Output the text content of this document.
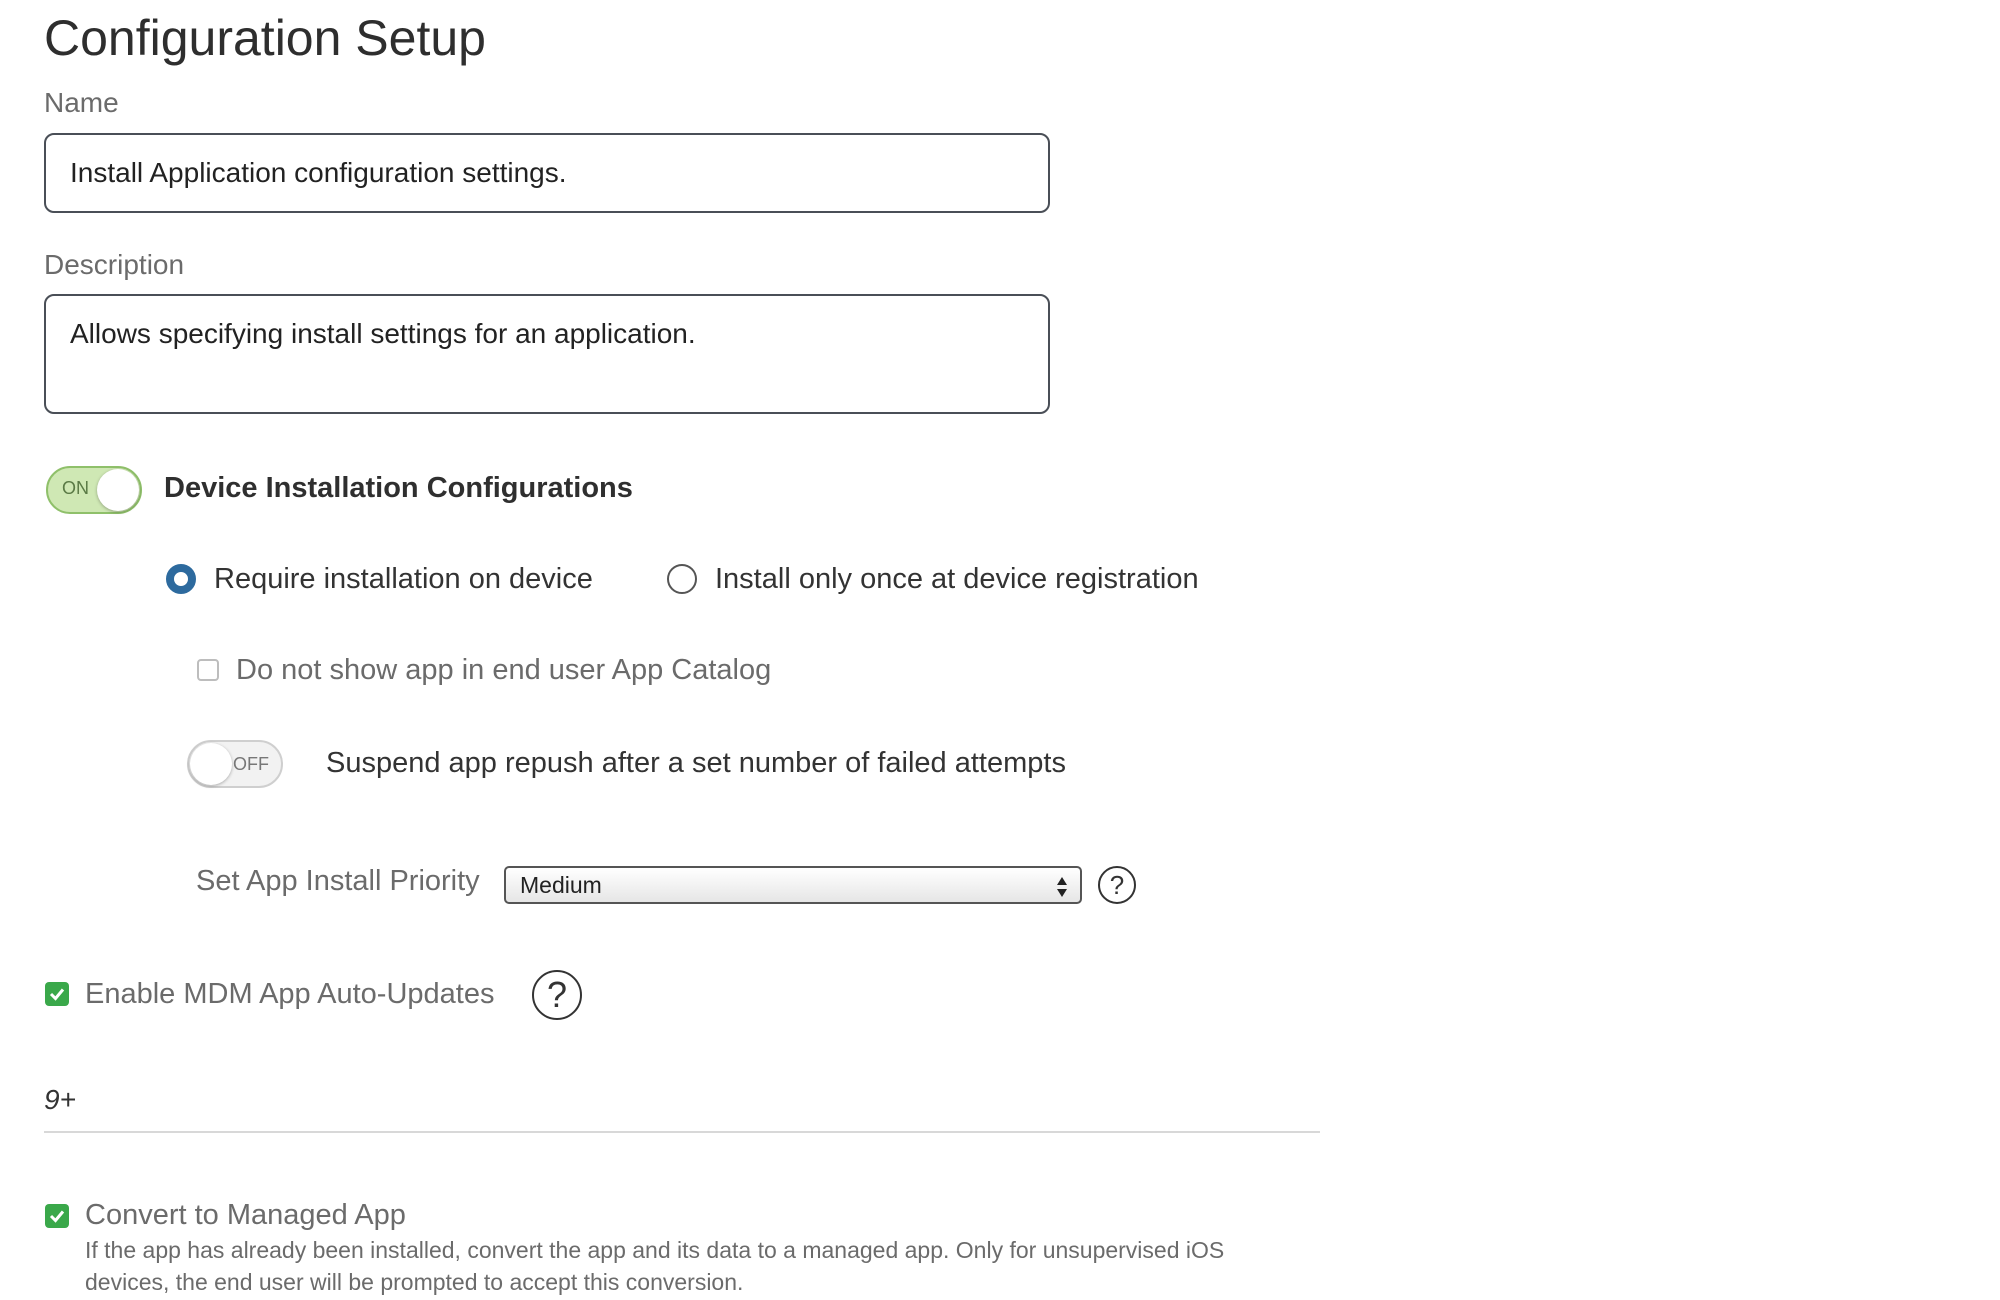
Configuration Setup
Name
Install Application configuration settings.
Description
Allows specifying install settings for an application.
ON	Device Installation Configurations
Require installation on device	Install only once at device registration
Do not show app in end user App Catalog
OFF Suspend app repush after a set number of failed attempts
Set App Install Priority	Medium	?
Enable MDM App Auto-Updates	?
9+
Convert to Managed App
If the app has already been installed, convert the app and its data to a managed app. Only for unsupervised iOS devices, the end user will be prompted to accept this conversion.
